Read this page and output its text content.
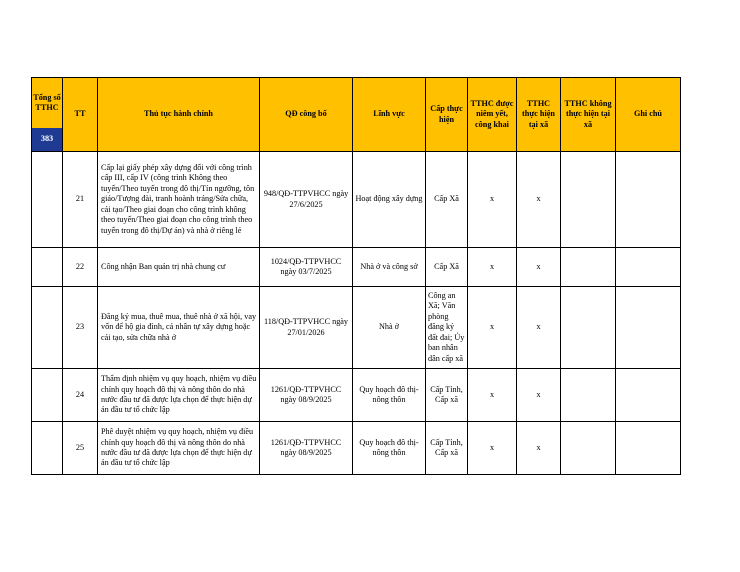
Tổng số TTHC
383	TT	Thủ tục hành chính	QĐ công bố	Lĩnh vực	Cấp thực hiện	TTHC được niêm yết, công khai	TTHC thực hiện tại xã	TTHC không thực hiện tại xã	Ghi chú
	21	Cấp lại giấy phép xây dựng đối với công trình cấp III, cấp IV (công trình Không theo tuyến/Theo tuyến trong đô thị/Tín ngưỡng, tôn giáo/Tượng đài, tranh hoành tráng/Sửa chữa, cải tạo/Theo giai đoạn cho công trình không theo tuyến/Theo giai đoạn cho công trình theo tuyến trong đô thị/Dự án) và nhà ở riêng lẻ	948/QĐ-TTPVHCC ngày 27/6/2025	Hoạt động xây dựng	Cấp Xã	x	x		
	22	Công nhận Ban quản trị nhà chung cư	1024/QĐ-TTPVHCC ngày 03/7/2025	Nhà ở và công sở	Cấp Xã	x	x		
	23	Đăng ký mua, thuê mua, thuê nhà ở xã hội, vay vốn để hộ gia đình, cá nhân tự xây dựng hoặc cải tạo, sửa chữa nhà ở	118/QĐ-TTPVHCC ngày 27/01/2026	Nhà ở	Công an Xã; Văn phòng đăng ký đất đai; Ủy ban nhân dân cấp xã	x	x		
	24	Thẩm định nhiệm vụ quy hoạch, nhiệm vụ điều chỉnh quy hoạch đô thị và nông thôn do nhà nước đầu tư đã được lựa chọn để thực hiện dự án đầu tư tổ chức lập	1261/QĐ-TTPVHCC ngày 08/9/2025	Quy hoạch đô thị- nông thôn	Cấp Tỉnh, Cấp xã	x	x		
	25	Phê duyệt nhiệm vụ quy hoạch, nhiệm vụ điều chỉnh quy hoạch đô thị và nông thôn do nhà nước đầu tư đã được lựa chọn để thực hiện dự án đầu tư tổ chức lập	1261/QĐ-TTPVHCC ngày 08/9/2025	Quy hoạch đô thị- nông thôn	Cấp Tỉnh, Cấp xã	x	x		
